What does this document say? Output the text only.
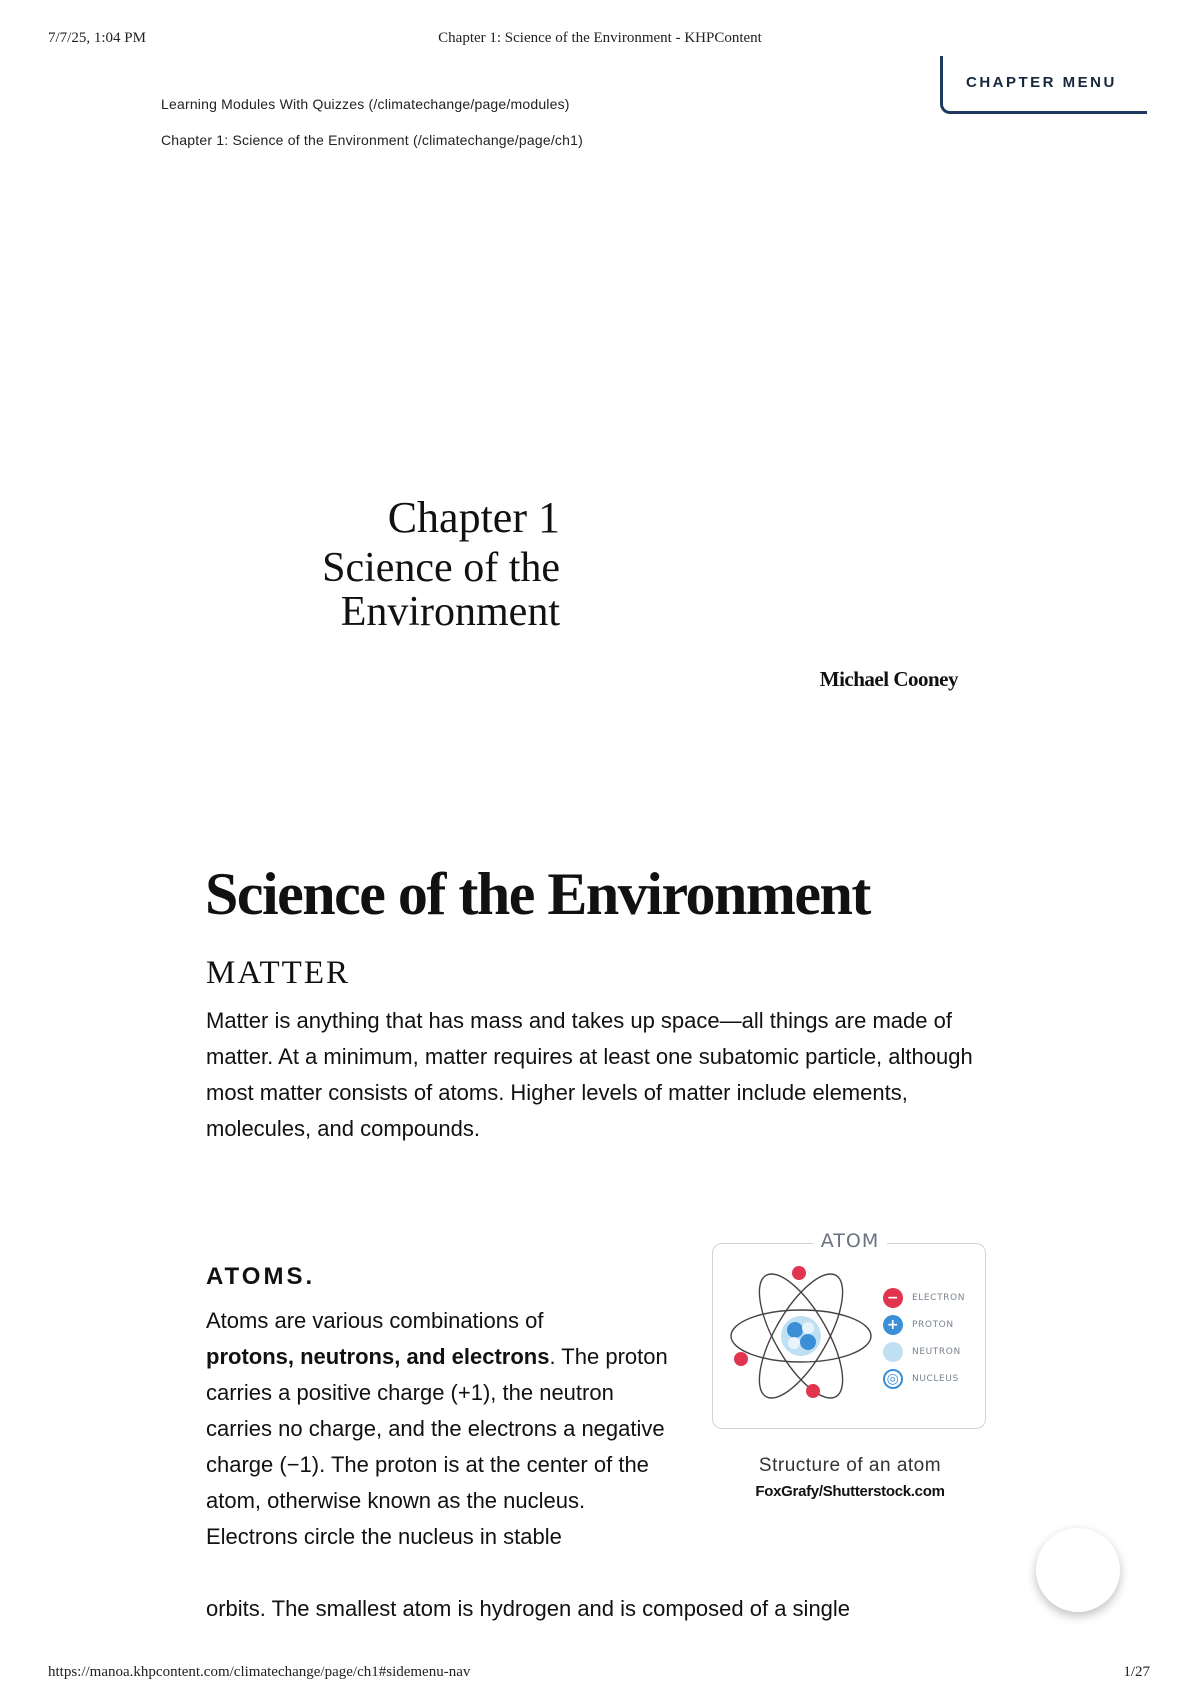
Chapter 1: Science of the Environment - KHPContent
7/7/25, 1:04 PM
Learning Modules With Quizzes (/climatechange/page/modules)
Chapter 1: Science of the Environment (/climatechange/page/ch1)
CHAPTER MENU
Chapter 1
Science of the
Environment
Michael Cooney
Science of the Environment
MATTER

Matter is anything that has mass and takes up space—all things are made of matter. At a minimum, matter requires at least one subatomic particle, although most matter consists of atoms. Higher levels of matter include elements, molecules, and compounds.

ATOMS.

Atoms are various combinations of
protons, neutrons, and electrons. The proton carries a positive charge (+1), the neutron carries no charge, and the electrons a negative charge (−1). The proton is at the center of the atom, otherwise known as the nucleus. Electrons circle the nucleus in stable

orbits. The smallest atom is hydrogen and is composed of a single

ATOM
−	ELECTRON
+	PROTON
NEUTRON
◎	NUCLEUS
Structure of an atom
FoxGrafy/Shutterstock.com
https://manoa.khpcontent.com/climatechange/page/ch1#sidemenu-nav	1/27
